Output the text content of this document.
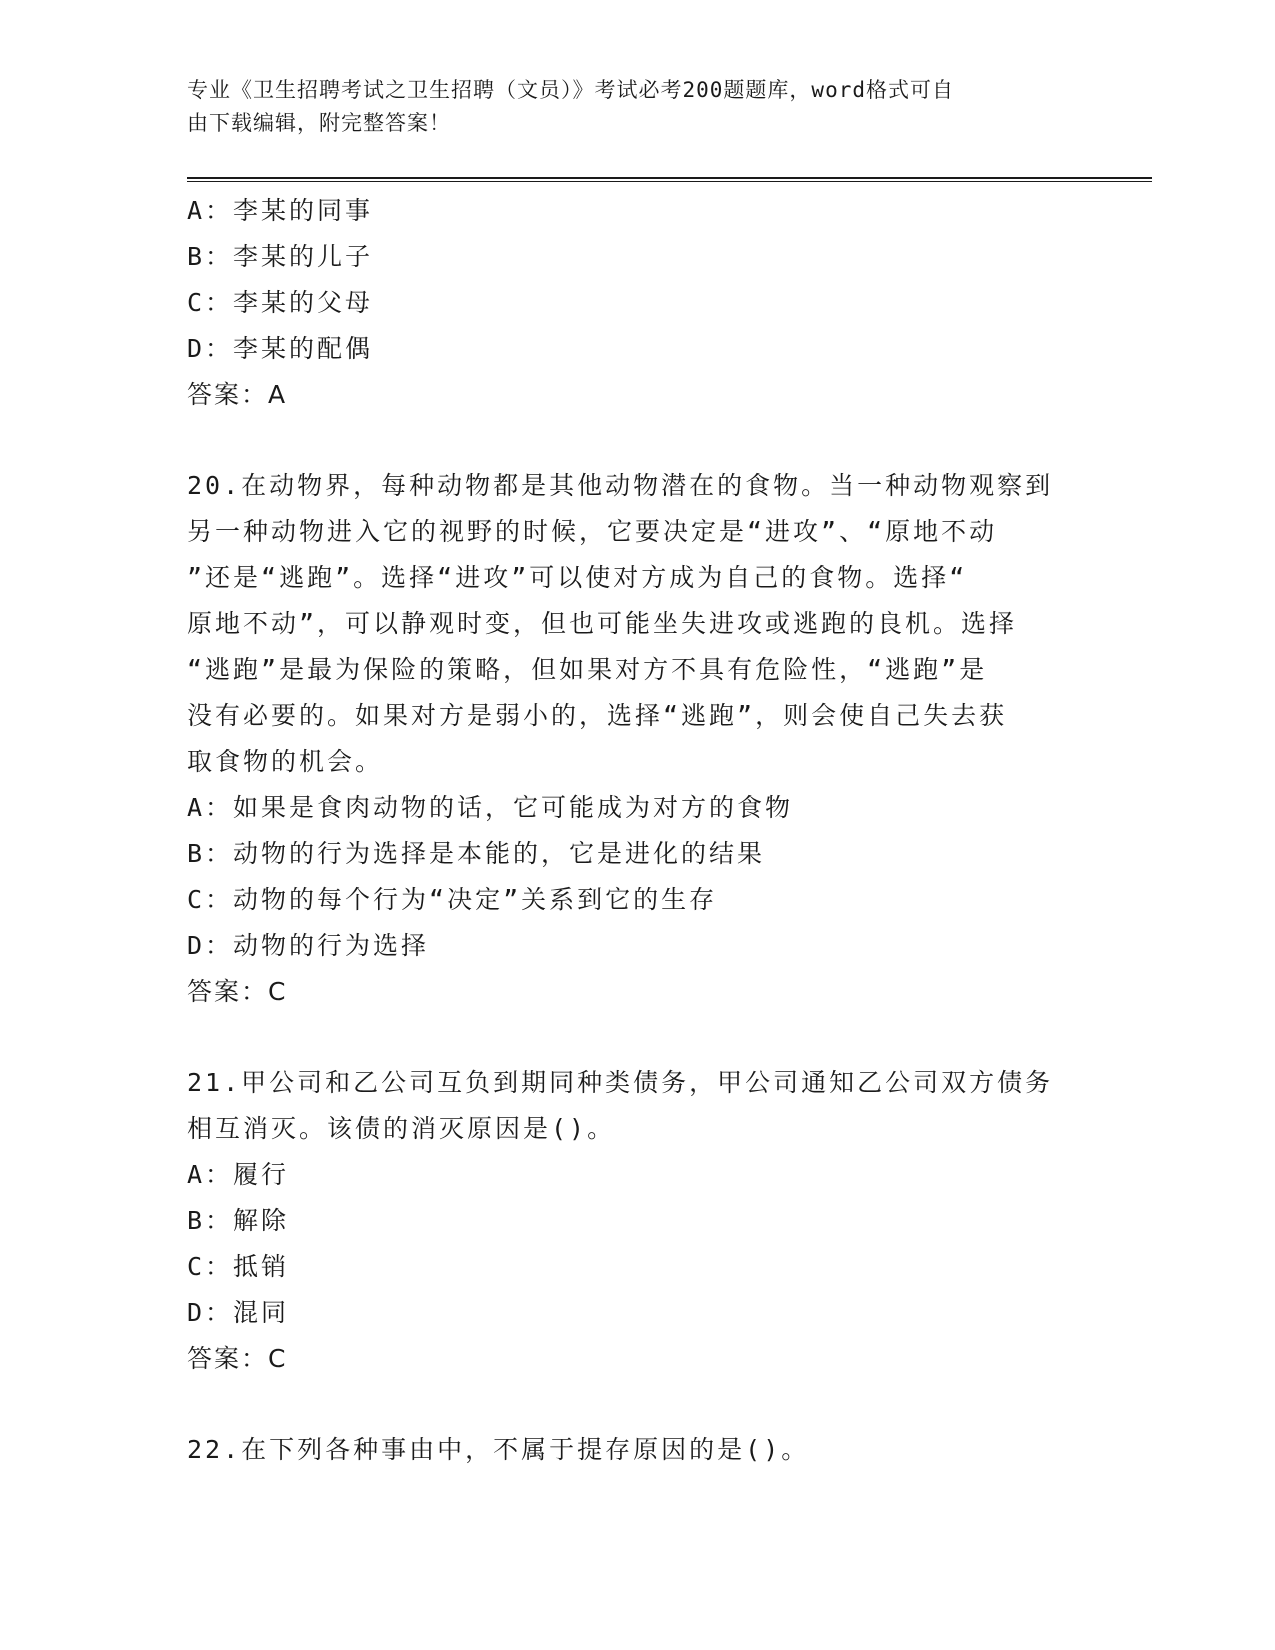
专业《卫生招聘考试之卫生招聘（文员）》考试必考200题题库，word格式可自
由下载编辑，附完整答案！
A：李某的同事
B：李某的儿子
C：李某的父母
D：李某的配偶
答案：A
20.在动物界，每种动物都是其他动物潜在的食物。当一种动物观察到
另一种动物进入它的视野的时候，它要决定是“进攻”、“原地不动
”还是“逃跑”。选择“进攻”可以使对方成为自己的食物。选择“
原地不动”，可以静观时变，但也可能坐失进攻或逃跑的良机。选择
“逃跑”是最为保险的策略，但如果对方不具有危险性，“逃跑”是
没有必要的。如果对方是弱小的，选择“逃跑”，则会使自己失去获
取食物的机会。
A：如果是食肉动物的话，它可能成为对方的食物
B：动物的行为选择是本能的，它是进化的结果
C：动物的每个行为“决定”关系到它的生存
D：动物的行为选择
答案：C
21.甲公司和乙公司互负到期同种类债务，甲公司通知乙公司双方债务
相互消灭。该债的消灭原因是()。
A：履行
B：解除
C：抵销
D：混同
答案：C
22.在下列各种事由中，不属于提存原因的是()。
